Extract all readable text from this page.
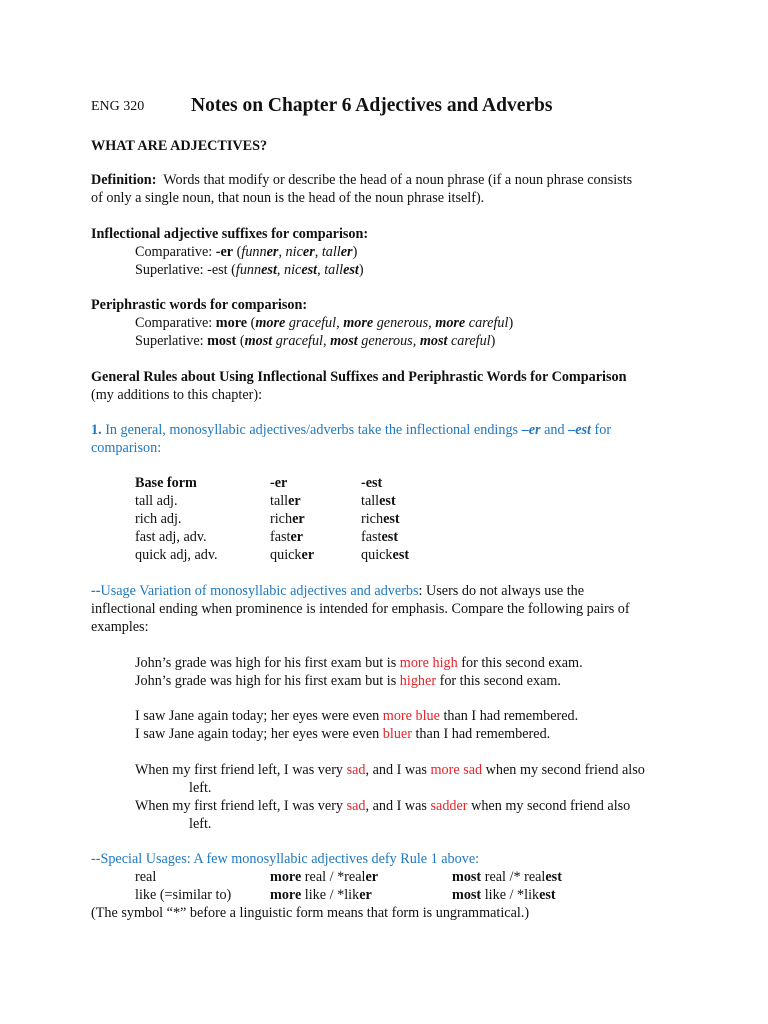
ENG 320 Notes on Chapter 6 Adjectives and Adverbs
WHAT ARE ADJECTIVES?
Definition: Words that modify or describe the head of a noun phrase (if a noun phrase consists
of only a single noun, that noun is the head of the noun phrase itself).
Inflectional adjective suffixes for comparison:
Comparative: -er (funner, nicer, taller)
Superlative: -est (funnest, nicest, tallest)
Periphrastic words for comparison:
Comparative: more (more graceful, more generous, more careful)
Superlative: most (most graceful, most generous, most careful)
General Rules about Using Inflectional Suffixes and Periphrastic Words for Comparison
(my additions to this chapter):
1. In general, monosyllabic adjectives/adverbs take the inflectional endings –er and –est for
comparison:
Base form	-er	-est
tall adj.	taller	tallest
rich adj.	richer	richest
fast adj, adv.	faster	fastest
quick adj, adv.	quicker	quickest
--Usage Variation of monosyllabic adjectives and adverbs: Users do not always use the
inflectional ending when prominence is intended for emphasis. Compare the following pairs of
examples:
John’s grade was high for his first exam but is more high for this second exam.
John’s grade was high for his first exam but is higher for this second exam.
I saw Jane again today; her eyes were even more blue than I had remembered.
I saw Jane again today; her eyes were even bluer than I had remembered.
When my first friend left, I was very sad, and I was more sad when my second friend also
left.
When my first friend left, I was very sad, and I was sadder when my second friend also
left.
--Special Usages: A few monosyllabic adjectives defy Rule 1 above:
real	more real / *realer	most real /* realest
like (=similar to)	more like / *liker	most like / *likest
(The symbol “*” before a linguistic form means that form is ungrammatical.)
